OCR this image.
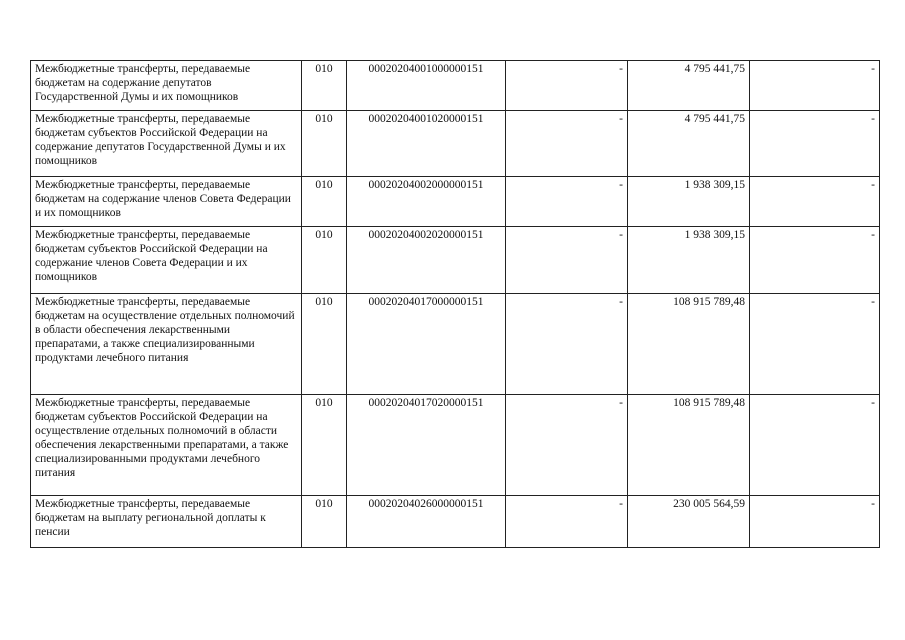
Межбюджетные трансферты, передаваемые бюджетам на содержание депутатов Государственной Думы и их помощников	010	00020204001000000151	-	4 795 441,75	-
Межбюджетные трансферты, передаваемые бюджетам субъектов Российской Федерации на содержание депутатов Государственной Думы и их помощников	010	00020204001020000151	-	4 795 441,75	-
Межбюджетные трансферты, передаваемые бюджетам на содержание членов Совета Федерации и их помощников	010	00020204002000000151	-	1 938 309,15	-
Межбюджетные трансферты, передаваемые бюджетам субъектов Российской Федерации на содержание членов Совета Федерации и их помощников	010	00020204002020000151	-	1 938 309,15	-
Межбюджетные трансферты, передаваемые бюджетам на осуществление отдельных полномочий в области обеспечения лекарственными препаратами, а также специализированными продуктами лечебного питания	010	00020204017000000151	-	108 915 789,48	-
Межбюджетные трансферты, передаваемые бюджетам субъектов Российской Федерации на осуществление отдельных полномочий в области обеспечения лекарственными препаратами, а также специализированными продуктами лечебного питания	010	00020204017020000151	-	108 915 789,48	-
Межбюджетные трансферты, передаваемые бюджетам на выплату региональной доплаты к пенсии	010	00020204026000000151	-	230 005 564,59	-
